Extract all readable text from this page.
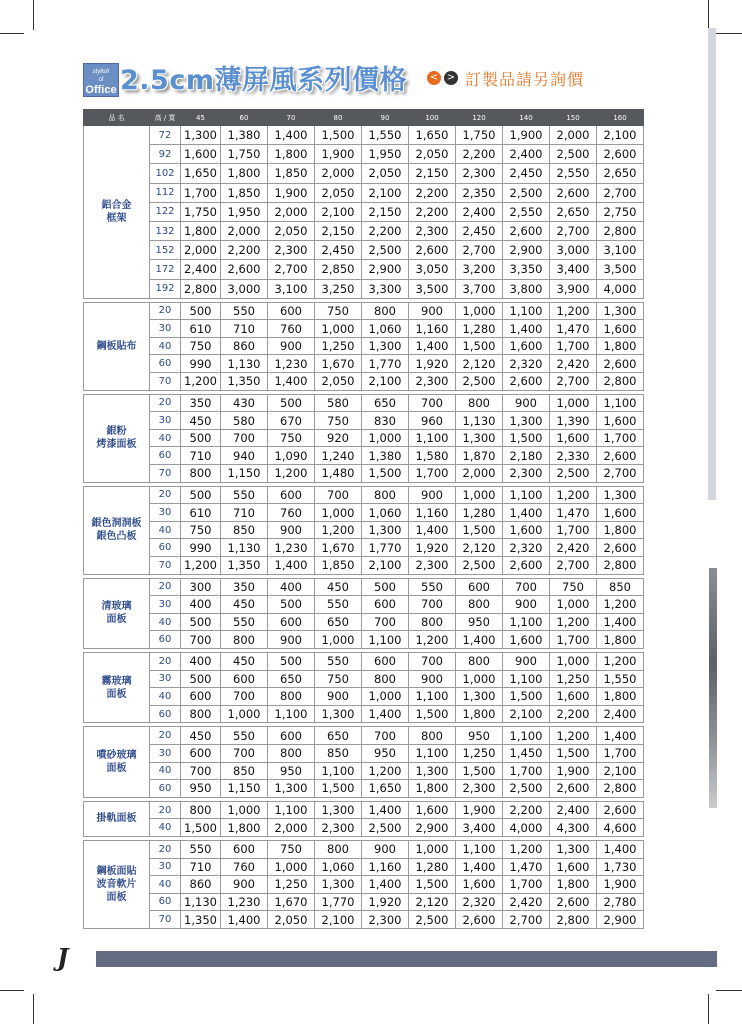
stylish
of
Office 2.5cm薄屏風系列價格 < > 訂製品請另詢價
品 名	高 / 寬	45	60	70	80	90	100	120	140	150	160

鋁合金
框架	72	1,300	1,380	1,400	1,500	1,550	1,650	1,750	1,900	2,000	2,100
	92	1,600	1,750	1,800	1,900	1,950	2,050	2,200	2,400	2,500	2,600
	102	1,650	1,800	1,850	2,000	2,050	2,150	2,300	2,450	2,550	2,650
	112	1,700	1,850	1,900	2,050	2,100	2,200	2,350	2,500	2,600	2,700
	122	1,750	1,950	2,000	2,100	2,150	2,200	2,400	2,550	2,650	2,750
	132	1,800	2,000	2,050	2,150	2,200	2,300	2,450	2,600	2,700	2,800
	152	2,000	2,200	2,300	2,450	2,500	2,600	2,700	2,900	3,000	3,100
	172	2,400	2,600	2,700	2,850	2,900	3,050	3,200	3,350	3,400	3,500
	192	2,800	3,000	3,100	3,250	3,300	3,500	3,700	3,800	3,900	4,000

鋼板貼布	20	500	550	600	750	800	900	1,000	1,100	1,200	1,300
	30	610	710	760	1,000	1,060	1,160	1,280	1,400	1,470	1,600
	40	750	860	900	1,250	1,300	1,400	1,500	1,600	1,700	1,800
	60	990	1,130	1,230	1,670	1,770	1,920	2,120	2,320	2,420	2,600
	70	1,200	1,350	1,400	2,050	2,100	2,300	2,500	2,600	2,700	2,800

銀粉
烤漆面板	20	350	430	500	580	650	700	800	900	1,000	1,100
	30	450	580	670	750	830	960	1,130	1,300	1,390	1,600
	40	500	700	750	920	1,000	1,100	1,300	1,500	1,600	1,700
	60	710	940	1,090	1,240	1,380	1,580	1,870	2,180	2,330	2,600
	70	800	1,150	1,200	1,480	1,500	1,700	2,000	2,300	2,500	2,700

銀色洞洞板
銀色凸板	20	500	550	600	700	800	900	1,000	1,100	1,200	1,300
	30	610	710	760	1,000	1,060	1,160	1,280	1,400	1,470	1,600
	40	750	850	900	1,200	1,300	1,400	1,500	1,600	1,700	1,800
	60	990	1,130	1,230	1,670	1,770	1,920	2,120	2,320	2,420	2,600
	70	1,200	1,350	1,400	1,850	2,100	2,300	2,500	2,600	2,700	2,800

清玻璃
面板	20	300	350	400	450	500	550	600	700	750	850
	30	400	450	500	550	600	700	800	900	1,000	1,200
	40	500	550	600	650	700	800	950	1,100	1,200	1,400
	60	700	800	900	1,000	1,100	1,200	1,400	1,600	1,700	1,800

霧玻璃
面板	20	400	450	500	550	600	700	800	900	1,000	1,200
	30	500	600	650	750	800	900	1,000	1,100	1,250	1,550
	40	600	700	800	900	1,000	1,100	1,300	1,500	1,600	1,800
	60	800	1,000	1,100	1,300	1,400	1,500	1,800	2,100	2,200	2,400

噴砂玻璃
面板	20	450	550	600	650	700	800	950	1,100	1,200	1,400
	30	600	700	800	850	950	1,100	1,250	1,450	1,500	1,700
	40	700	850	950	1,100	1,200	1,300	1,500	1,700	1,900	2,100
	60	950	1,150	1,300	1,500	1,650	1,800	2,300	2,500	2,600	2,800

掛軌面板	20	800	1,000	1,100	1,300	1,400	1,600	1,900	2,200	2,400	2,600
	40	1,500	1,800	2,000	2,300	2,500	2,900	3,400	4,000	4,300	4,600

鋼板面貼
波音軟片
面板	20	550	600	750	800	900	1,000	1,100	1,200	1,300	1,400
	30	710	760	1,000	1,060	1,160	1,280	1,400	1,470	1,600	1,730
	40	860	900	1,250	1,300	1,400	1,500	1,600	1,700	1,800	1,900
	60	1,130	1,230	1,670	1,770	1,920	2,120	2,320	2,420	2,600	2,780
	70	1,350	1,400	2,050	2,100	2,300	2,500	2,600	2,700	2,800	2,900
J
